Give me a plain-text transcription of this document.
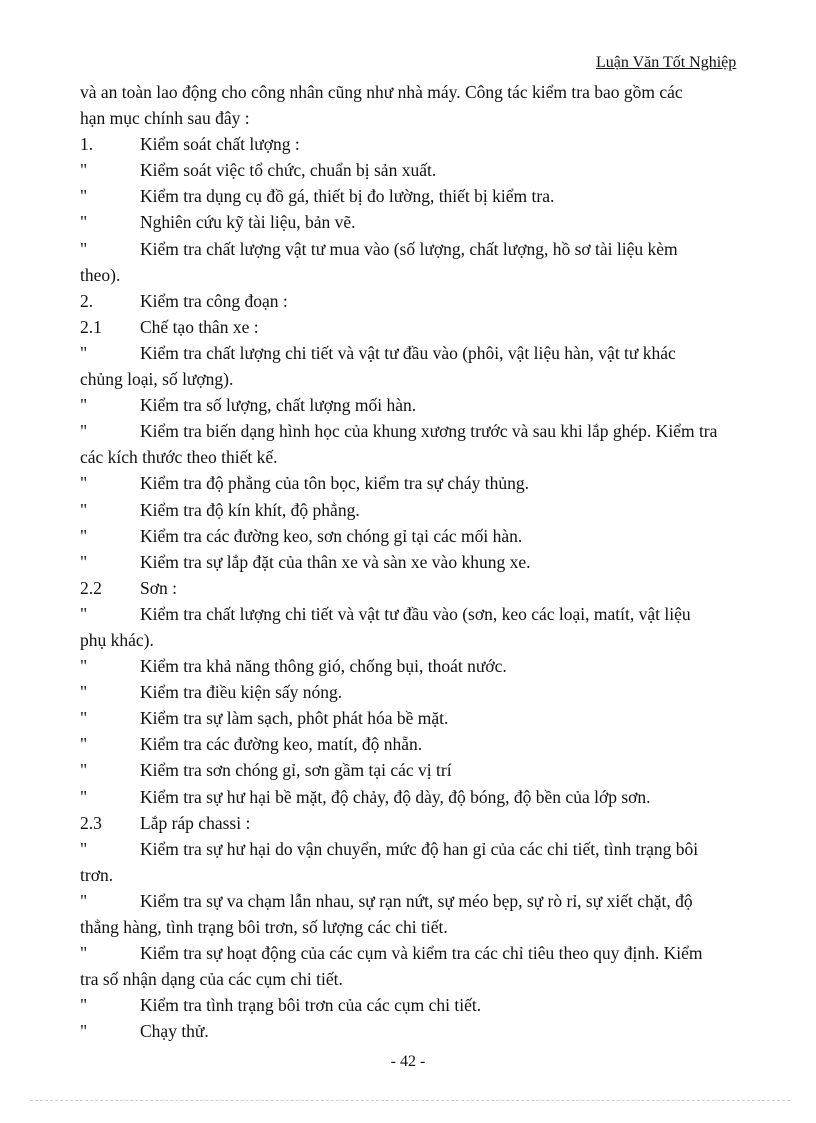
Luận Văn Tốt Nghiệp
và an toàn lao động cho công nhân cũng như nhà máy. Công tác kiểm tra bao gồm các
hạn mục chính sau đây :
1.	Kiểm soát chất lượng :
"	Kiểm soát việc tổ chức, chuẩn bị sản xuất.
"	Kiểm tra dụng cụ đồ gá, thiết bị đo lường, thiết bị kiểm tra.
"	Nghiên cứu kỹ tài liệu, bản vẽ.
"	Kiểm tra chất lượng vật tư mua vào (số lượng, chất lượng, hồ sơ tài liệu kèm
theo).
2.	Kiểm tra công đoạn :
2.1	Chế tạo thân xe :
"	Kiểm tra chất lượng chi tiết và vật tư đầu vào (phôi, vật liệu hàn, vật tư khác
chủng loại, số lượng).
"	Kiểm tra số lượng, chất lượng mối hàn.
"	Kiểm tra biến dạng hình học của khung xương trước và sau khi lắp ghép. Kiểm tra
các kích thước theo thiết kế.
"	Kiểm tra độ phẳng của tôn bọc, kiểm tra sự cháy thủng.
"	Kiểm tra độ kín khít, độ phẳng.
"	Kiểm tra các đường keo, sơn chóng gỉ tại các mối hàn.
"	Kiểm tra sự lắp đặt của thân xe và sàn xe vào khung xe.
2.2	Sơn :
"	Kiểm tra chất lượng chi tiết và vật tư đầu vào (sơn, keo các loại, matít, vật liệu
phụ khác).
"	Kiểm tra khả năng thông gió, chống bụi, thoát nước.
"	Kiểm tra điều kiện sấy nóng.
"	Kiểm tra sự làm sạch, phôt phát hóa bề mặt.
"	Kiểm tra các đường keo, matít, độ nhẵn.
"	Kiểm tra sơn chóng gỉ, sơn gầm tại các vị trí
"	Kiểm tra sự hư hại bề mặt, độ chảy, độ dày, độ bóng, độ bền của lớp sơn.
2.3	Lắp ráp chassi :
"	Kiểm tra sự hư hại do vận chuyển, mức độ han gỉ của các chi tiết, tình trạng bôi
trơn.
"	Kiểm tra sự va chạm lẫn nhau, sự rạn nứt, sự méo bẹp, sự rò rỉ, sự xiết chặt, độ
thẳng hàng, tình trạng bôi trơn, số lượng các chi tiết.
"	Kiểm tra sự hoạt động của các cụm và kiểm tra các chỉ tiêu theo quy định. Kiểm
tra số nhận dạng của các cụm chi tiết.
"	Kiểm tra tình trạng bôi trơn của các cụm chi tiết.
"	Chạy thử.
- 42 -
